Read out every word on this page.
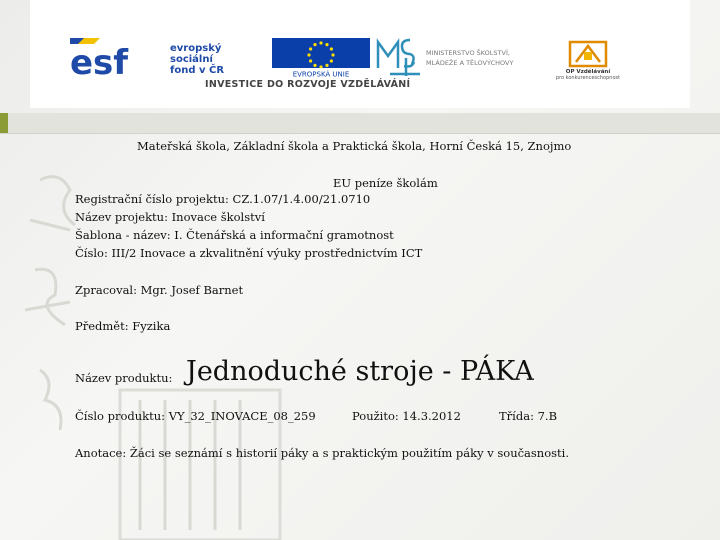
esf	evropský
sociální
fond v ČR	EVROPSKÁ UNIE
MINISTERSTVO ŠKOLSTVÍ,
MLÁDEŽE A TĚLOVÝCHOVY
OP Vzdělávání
pro konkurenceschopnost
INVESTICE DO ROZVOJE VZDĚLÁVÁNÍ
Mateřská škola, Základní škola a Praktická škola, Horní Česká 15, Znojmo
EU peníze školám
Registrační číslo projektu: CZ.1.07/1.4.00/21.0710
Název projektu: Inovace školství
Šablona - název: I. Čtenářská a informační gramotnost
Číslo: III/2 Inovace a zkvalitnění výuky prostřednictvím ICT
Zpracoval: Mgr. Josef Barnet
Předmět: Fyzika
Název produktu: Jednoduché stroje - PÁKA
Číslo produktu: VY_32_INOVACE_08_259	Použito: 14.3.2012	Třída: 7.B
Anotace: Žáci se seznámí s historií páky a s praktickým použitím páky v současnosti.
